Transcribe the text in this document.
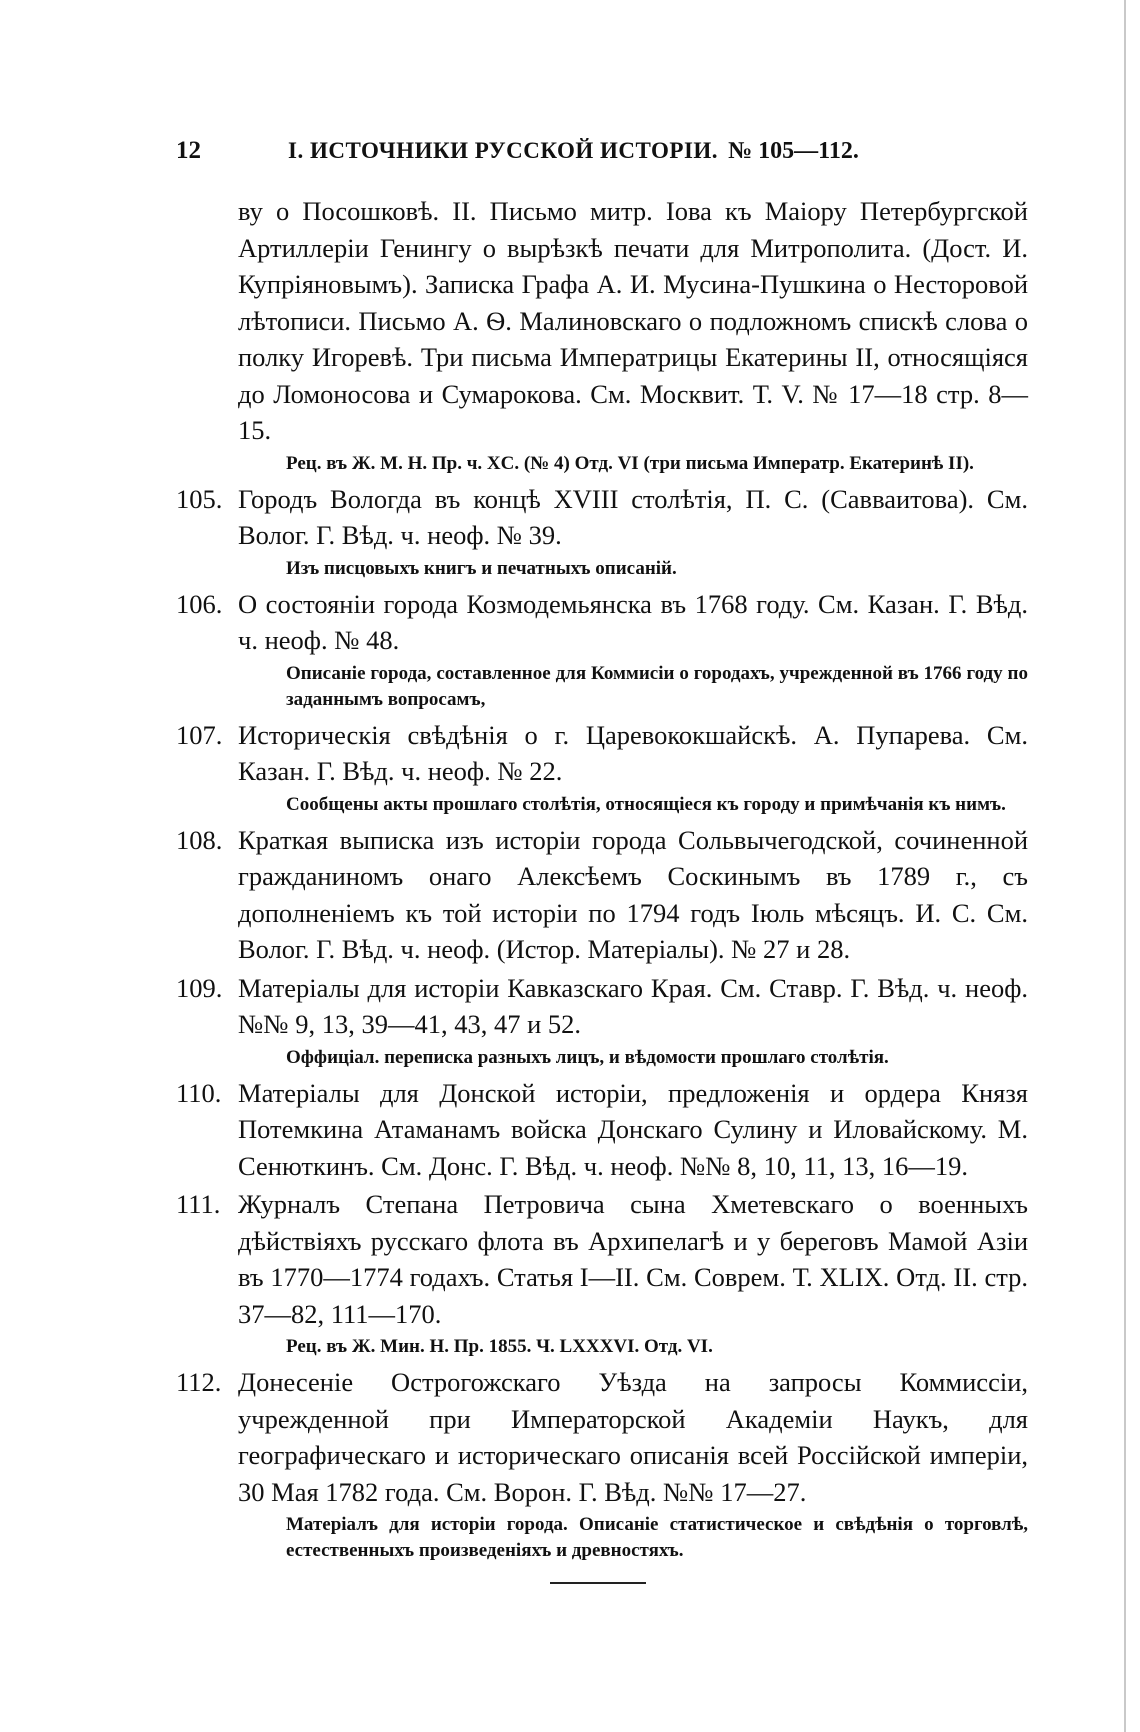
12	I. ИСТОЧНИКИ РУССКОЙ ИСТОРІИ. № 105—112.
ву о Посошковѣ. II. Письмо митр. Іова къ Маіору Петербургской Артиллеріи Генингу о вырѣзкѣ печати для Митрополита. (Дост. И. Купріяновымъ). Записка Графа А. И. Мусина-Пушкина о Несторовой лѣтописи. Письмо А. Ѳ. Малиновскаго о подложномъ спискѣ слова о полку Игоревѣ. Три письма Императрицы Екатерины II, относящіяся до Ломоносова и Сумарокова. См. Москвит. Т. V. № 17—18 стр. 8—15.
Рец. въ Ж. М. Н. Пр. ч. XC. (№ 4) Отд. VI (три письма Императр. Екатеринѣ II).
105. Городъ Вологда въ концѣ XVIII столѣтія, П. С. (Савваитова). См. Волог. Г. Вѣд. ч. неоф. № 39.
Изъ писцовыхъ книгъ и печатныхъ описаній.
106. О состояніи города Козмодемьянска въ 1768 году. См. Казан. Г. Вѣд. ч. неоф. № 48.
Описаніе города, составленное для Коммисіи о городахъ, учрежденной въ 1766 году по заданнымъ вопросамъ,
107. Историческія свѣдѣнія о г. Царевококшайскѣ. А. Пупарева. См. Казан. Г. Вѣд. ч. неоф. № 22.
Сообщены акты прошлаго столѣтія, относящіеся къ городу и примѣчанія къ нимъ.
108. Краткая выписка изъ исторіи города Сольвычегодской, сочиненной гражданиномъ онаго Алексѣемъ Соскинымъ въ 1789 г., съ дополненіемъ къ той исторіи по 1794 годъ Іюль мѣсяцъ. И. С. См. Волог. Г. Вѣд. ч. неоф. (Истор. Матеріалы). № 27 и 28.
109. Матеріалы для исторіи Кавказскаго Края. См. Ставр. Г. Вѣд. ч. неоф. №№ 9, 13, 39—41, 43, 47 и 52.
Оффиціал. переписка разныхъ лицъ, и вѣдомости прошлаго столѣтія.
110. Матеріалы для Донской исторіи, предложенія и ордера Князя Потемкина Атаманамъ войска Донскаго Сулину и Иловайскому. М. Сенюткинъ. См. Донс. Г. Вѣд. ч. неоф. №№ 8, 10, 11, 13, 16—19.
111. Журналъ Степана Петровича сына Хметевскаго о военныхъ дѣйствіяхъ русскаго флота въ Архипелагѣ и у береговъ Мамой Азіи въ 1770—1774 годахъ. Статья I—II. См. Соврем. Т. XLIX. Отд. II. стр. 37—82, 111—170.
Рец. въ Ж. Мин. Н. Пр. 1855. Ч. LXXXVI. Отд. VI.
112. Донесеніе Острогожскаго Уѣзда на запросы Коммиссіи, учрежденной при Императорской Академіи Наукъ, для географическаго и историческаго описанія всей Россійской имперіи, 30 Мая 1782 года. См. Ворон. Г. Вѣд. №№ 17—27.
Матеріалъ для исторіи города. Описаніе статистическое и свѣдѣнія о торговлѣ, естественныхъ произведеніяхъ и древностяхъ.
